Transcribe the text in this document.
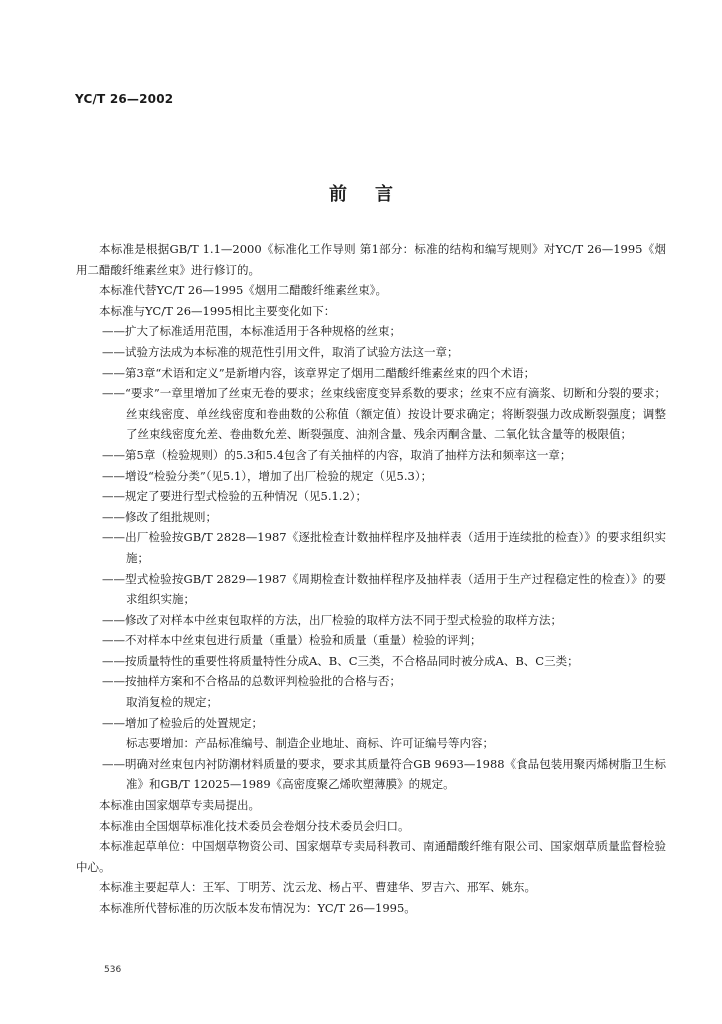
YC/T 26—2002
前言

本标准是根据GB/T 1.1—2000《标准化工作导则 第1部分：标准的结构和编写规则》对YC/T 26—1995《烟用二醋酸纤维素丝束》进行修订的。

本标准代替YC/T 26—1995《烟用二醋酸纤维素丝束》。

本标准与YC/T 26—1995相比主要变化如下：

——扩大了标准适用范围，本标准适用于各种规格的丝束；

——试验方法成为本标准的规范性引用文件，取消了试验方法这一章；

——第3章“术语和定义”是新增内容，该章界定了烟用二醋酸纤维素丝束的四个术语；

——“要求”一章里增加了丝束无卷的要求；丝束线密度变异系数的要求；丝束不应有滴浆、切断和分裂的要求；丝束线密度、单丝线密度和卷曲数的公称值（额定值）按设计要求确定；将断裂强力改成断裂强度；调整了丝束线密度允差、卷曲数允差、断裂强度、油剂含量、残余丙酮含量、二氧化钛含量等的极限值；

——第5章（检验规则）的5.3和5.4包含了有关抽样的内容，取消了抽样方法和频率这一章；

——增设“检验分类”（见5.1），增加了出厂检验的规定（见5.3）；

——规定了要进行型式检验的五种情况（见5.1.2）；

——修改了组批规则；

——出厂检验按GB/T 2828—1987《逐批检查计数抽样程序及抽样表（适用于连续批的检查）》的要求组织实施；

——型式检验按GB/T 2829—1987《周期检查计数抽样程序及抽样表（适用于生产过程稳定性的检查）》的要求组织实施；

——修改了对样本中丝束包取样的方法，出厂检验的取样方法不同于型式检验的取样方法；

——不对样本中丝束包进行质量（重量）检验和质量（重量）检验的评判；

——按质量特性的重要性将质量特性分成A、B、C三类，不合格品同时被分成A、B、C三类；

——按抽样方案和不合格品的总数评判检验批的合格与否；

取消复检的规定；

——增加了检验后的处置规定；

标志要增加：产品标准编号、制造企业地址、商标、许可证编号等内容；

——明确对丝束包内衬防潮材料质量的要求，要求其质量符合GB 9693—1988《食品包装用聚丙烯树脂卫生标准》和GB/T 12025—1989《高密度聚乙烯吹塑薄膜》的规定。

本标准由国家烟草专卖局提出。

本标准由全国烟草标准化技术委员会卷烟分技术委员会归口。

本标准起草单位：中国烟草物资公司、国家烟草专卖局科教司、南通醋酸纤维有限公司、国家烟草质量监督检验中心。

本标准主要起草人：王军、丁明芳、沈云龙、杨占平、曹建华、罗吉六、邢军、姚东。

本标准所代替标准的历次版本发布情况为：YC/T 26—1995。

536
